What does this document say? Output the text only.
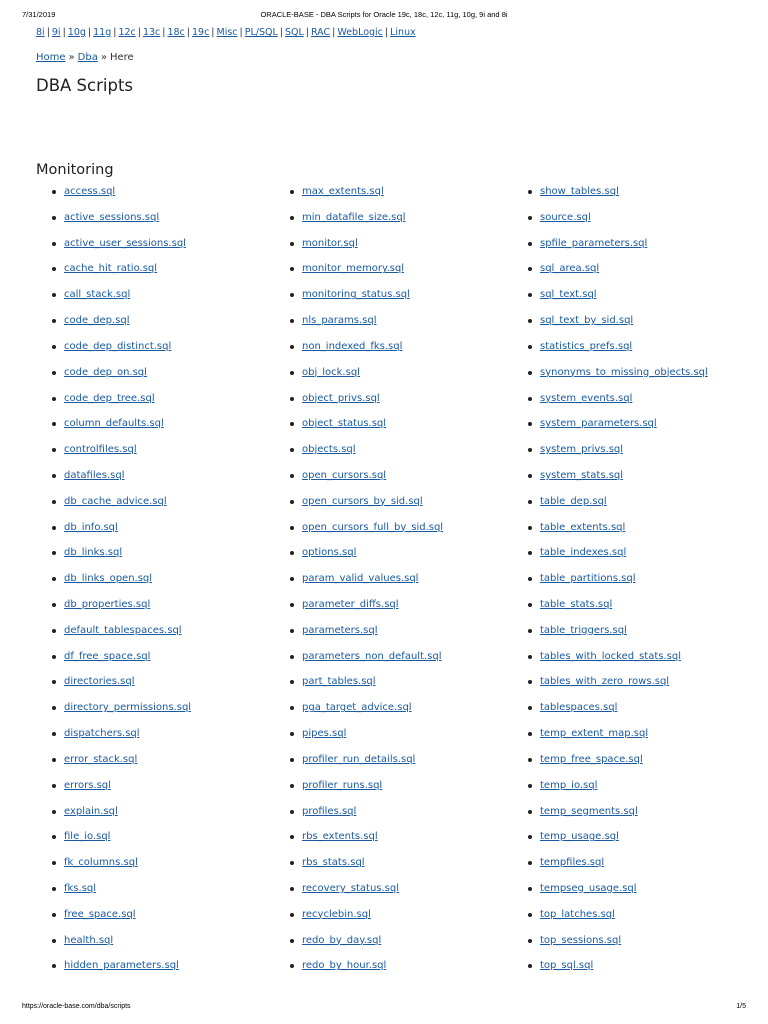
7/31/2019	ORACLE-BASE - DBA Scripts for Oracle 19c, 18c, 12c, 11g, 10g, 9i and 8i
8i | 9i | 10g | 11g | 12c | 13c | 18c | 19c | Misc | PL/SQL | SQL | RAC | WebLogic | Linux
Home » Dba » Here
DBA Scripts
Monitoring
access.sql
active_sessions.sql
active_user_sessions.sql
cache_hit_ratio.sql
call_stack.sql
code_dep.sql
code_dep_distinct.sql
code_dep_on.sql
code_dep_tree.sql
column_defaults.sql
controlfiles.sql
datafiles.sql
db_cache_advice.sql
db_info.sql
db_links.sql
db_links_open.sql
db_properties.sql
default_tablespaces.sql
df_free_space.sql
directories.sql
directory_permissions.sql
dispatchers.sql
error_stack.sql
errors.sql
explain.sql
file_io.sql
fk_columns.sql
fks.sql
free_space.sql
health.sql
hidden_parameters.sql
max_extents.sql
min_datafile_size.sql
monitor.sql
monitor_memory.sql
monitoring_status.sql
nls_params.sql
non_indexed_fks.sql
obj_lock.sql
object_privs.sql
object_status.sql
objects.sql
open_cursors.sql
open_cursors_by_sid.sql
open_cursors_full_by_sid.sql
options.sql
param_valid_values.sql
parameter_diffs.sql
parameters.sql
parameters_non_default.sql
part_tables.sql
pga_target_advice.sql
pipes.sql
profiler_run_details.sql
profiler_runs.sql
profiles.sql
rbs_extents.sql
rbs_stats.sql
recovery_status.sql
recyclebin.sql
redo_by_day.sql
redo_by_hour.sql
show_tables.sql
source.sql
spfile_parameters.sql
sql_area.sql
sql_text.sql
sql_text_by_sid.sql
statistics_prefs.sql
synonyms_to_missing_objects.sql
system_events.sql
system_parameters.sql
system_privs.sql
system_stats.sql
table_dep.sql
table_extents.sql
table_indexes.sql
table_partitions.sql
table_stats.sql
table_triggers.sql
tables_with_locked_stats.sql
tables_with_zero_rows.sql
tablespaces.sql
temp_extent_map.sql
temp_free_space.sql
temp_io.sql
temp_segments.sql
temp_usage.sql
tempfiles.sql
tempseg_usage.sql
top_latches.sql
top_sessions.sql
top_sql.sql
https://oracle-base.com/dba/scripts	1/5
